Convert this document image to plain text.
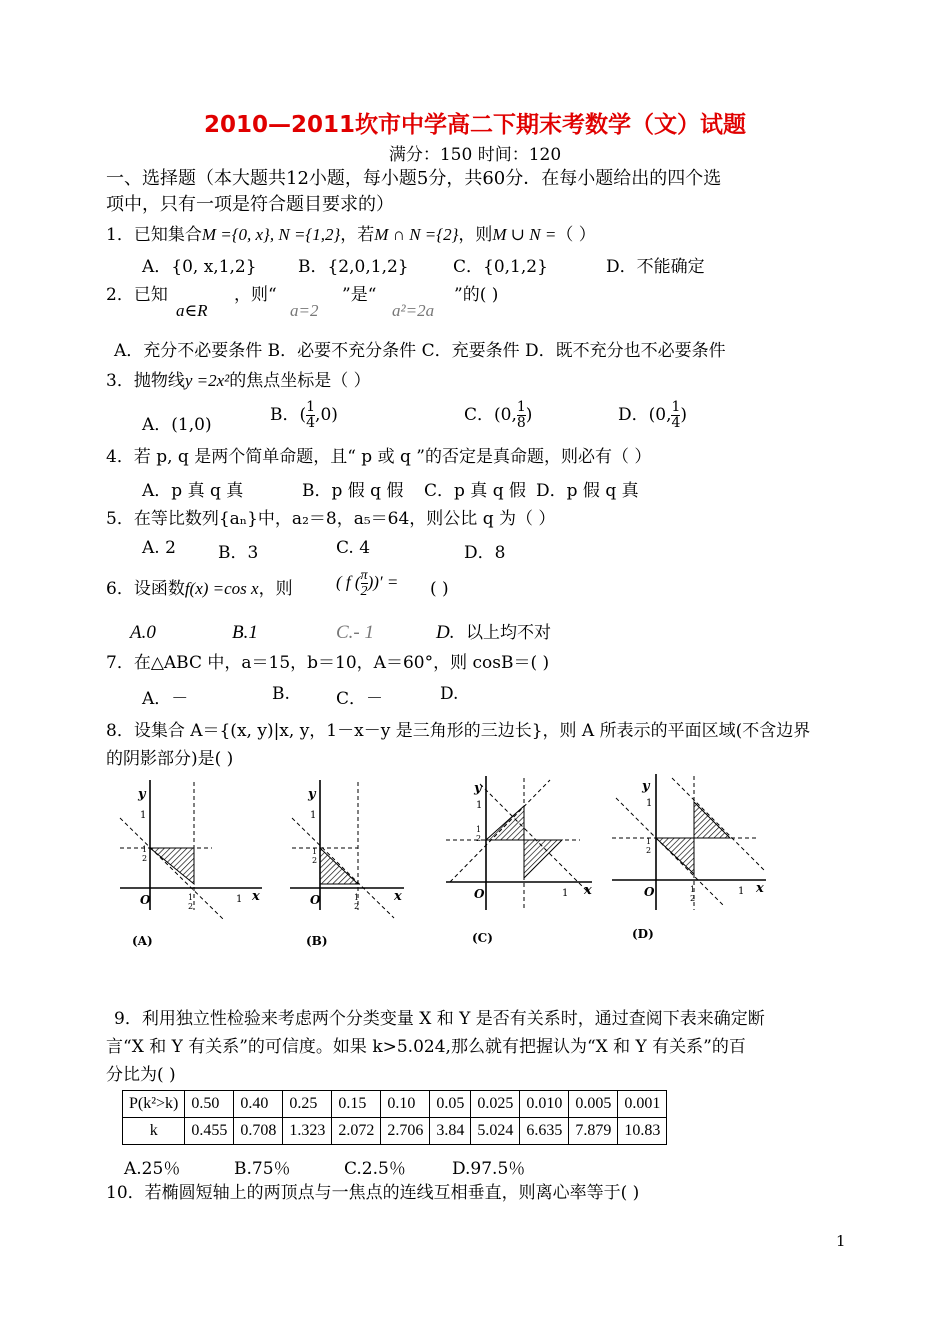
2010—2011坎市中学高二下期末考数学（文）试题
满分：150 时间：120
一、选择题（本大题共12小题，每小题5分，共60分．在每小题给出的四个选
项中，只有一项是符合题目要求的）
1．已知集合M ={0, x}, N ={1,2}，若M ∩ N ={2}，则M ∪ N =（ ）
A．{0, x,1,2} B．{2,0,1,2}	C．{0,1,2}	D．不能确定
2．已知
a∈R
，则“
a=2
”是“
a²=2a
”的( )
A．充分不必要条件 B．必要不充分条件 C．充要条件 D．既不充分也不必要条件
3．抛物线y =2x²的焦点坐标是（ ）
A．(1,0)	B．( $\frac{1}{4} ,0$)	C．(0, $\frac{1}{8}$ )	D．(0, $\frac{1}{4}$ )
4．若 p, q 是两个简单命题，且“ p 或 q ”的否定是真命题，则必有（ ）
A．p 真 q 真	B．p 假 q 假 C．p 真 q 假 D．p 假 q 真
5．在等比数列{aₙ}中，a₂＝8，a₅＝64，则公比 q 为（ ）
A. 2 B．3	C. 4	D．8
6．设函数f(x) =cos x，则	( f ( $\frac{\pi}{2}$ ))′ = ( )
A.0	B.1	C.- 1	D. 以上均不对
7．在△ABC 中，a＝15，b＝10，A＝60°，则 cosB＝( )
A．－	B.	C．－	D.
8．设集合 A＝{(x, y)|x, y，1－x－y 是三角形的三边长}，则 A 所表示的平面区域(不含边界
的阴影部分)是( )
y
x
O
1
1
1
2
1
2
(A)
y
x
O
1
1
2
1
2
(B)
y
x
O
1
1
2
1
(C)
y
x
O
1
1
2
1
2
1
(D)
9．利用独立性检验来考虑两个分类变量 X 和 Y 是否有关系时，通过查阅下表来确定断
言“X 和 Y 有关系”的可信度。如果 k>5.024,那么就有把握认为“X 和 Y 有关系”的百
分比为( )
P(k²>k)	0.50	0.40	0.25	0.15	0.10	0.05	0.025	0.010	0.005	0.001
k	0.455	0.708	1.323	2.072	2.706	3.84	5.024	6.635	7.879	10.83
A.25％	B.75％	C.2.5％	D.97.5％
10．若椭圆短轴上的两顶点与一焦点的连线互相垂直，则离心率等于( )
1
